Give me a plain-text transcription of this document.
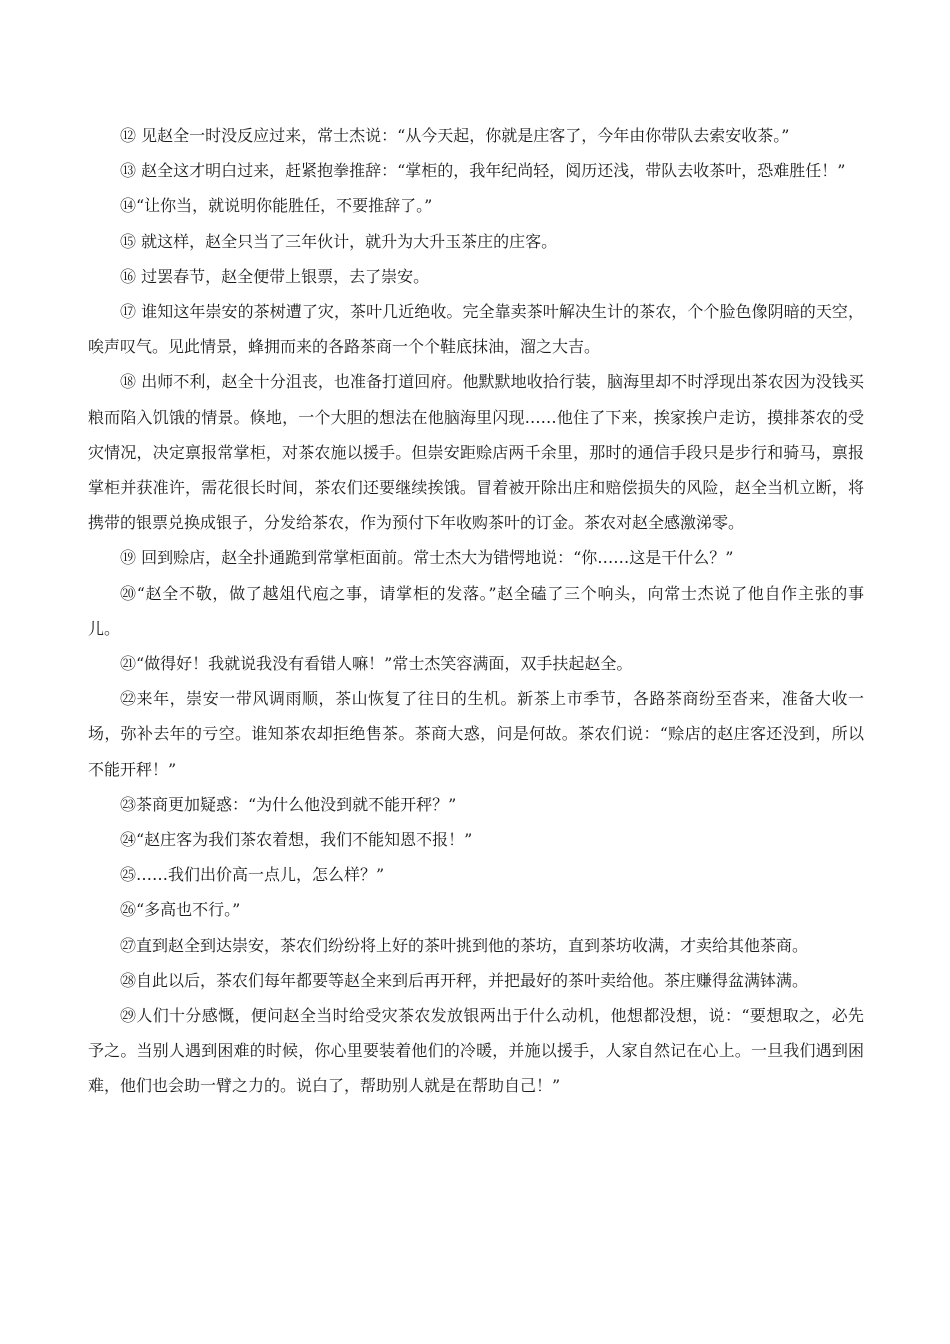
⑫ 见赵全一时没反应过来，常士杰说：“从今天起，你就是庄客了，今年由你带队去索安收茶。”

⑬ 赵全这才明白过来，赶紧抱拳推辞：“掌柜的，我年纪尚轻，阅历还浅，带队去收茶叶，恐难胜任！”

⑭“让你当，就说明你能胜任，不要推辞了。”

⑮ 就这样，赵全只当了三年伙计，就升为大升玉茶庄的庄客。

⑯ 过罢春节，赵全便带上银票，去了崇安。

⑰ 谁知这年崇安的茶树遭了灾，茶叶几近绝收。完全靠卖茶叶解决生计的茶农，个个脸色像阴暗的天空，唉声叹气。见此情景，蜂拥而来的各路茶商一个个鞋底抹油，溜之大吉。

⑱ 出师不利，赵全十分沮丧，也准备打道回府。他默默地收拾行装，脑海里却不时浮现出茶农因为没钱买粮而陷入饥饿的情景。倏地，一个大胆的想法在他脑海里闪现……他住了下来，挨家挨户走访，摸排茶农的受灾情况，决定禀报常掌柜，对茶农施以援手。但崇安距赊店两千余里，那时的通信手段只是步行和骑马，禀报掌柜并获准许，需花很长时间，茶农们还要继续挨饿。冒着被开除出庄和赔偿损失的风险，赵全当机立断，将携带的银票兑换成银子，分发给茶农，作为预付下年收购茶叶的订金。茶农对赵全感激涕零。

⑲ 回到赊店，赵全扑通跪到常掌柜面前。常士杰大为错愕地说：“你……这是干什么？”

⑳“赵全不敬，做了越俎代庖之事，请掌柜的发落。”赵全磕了三个响头，向常士杰说了他自作主张的事儿。

㉑“做得好！我就说我没有看错人嘛！”常士杰笑容满面，双手扶起赵全。

㉒来年，崇安一带风调雨顺，茶山恢复了往日的生机。新茶上市季节，各路茶商纷至沓来，准备大收一场，弥补去年的亏空。谁知茶农却拒绝售茶。茶商大惑，问是何故。茶农们说：“赊店的赵庄客还没到，所以不能开秤！”

㉓茶商更加疑惑：“为什么他没到就不能开秤？”

㉔“赵庄客为我们茶农着想，我们不能知恩不报！”

㉕……我们出价高一点儿，怎么样？”

㉖“多高也不行。”

㉗直到赵全到达崇安，茶农们纷纷将上好的茶叶挑到他的茶坊，直到茶坊收满，才卖给其他茶商。

㉘自此以后，茶农们每年都要等赵全来到后再开秤，并把最好的茶叶卖给他。茶庄赚得盆满钵满。

㉙人们十分感慨，便问赵全当时给受灾茶农发放银两出于什么动机，他想都没想，说：“要想取之，必先予之。当别人遇到困难的时候，你心里要装着他们的冷暖，并施以援手，人家自然记在心上。一旦我们遇到困难，他们也会助一臂之力的。说白了，帮助别人就是在帮助自己！”
